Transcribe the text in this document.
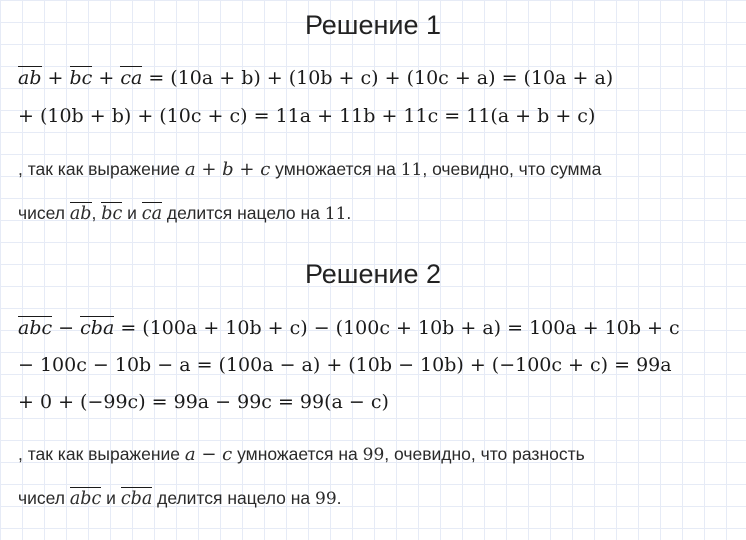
Решение 1
ab + bc + ca = (10a + b) + (10b + c) + (10c + a) = (10a + a)
+ (10b + b) + (10c + c) = 11a + 11b + 11c = 11(a + b + c)
, так как выражение a + b + c умножается на 11, очевидно, что сумма
чисел ab, bc и ca делится нацело на 11.
Решение 2
abc − cba = (100a + 10b + c) − (100c + 10b + a) = 100a + 10b + c
− 100c − 10b − a = (100a − a) + (10b − 10b) + (−100c + c) = 99a
+ 0 + (−99c) = 99a − 99c = 99(a − c)
, так как выражение a − c умножается на 99, очевидно, что разность
чисел abc и cba делится нацело на 99.
